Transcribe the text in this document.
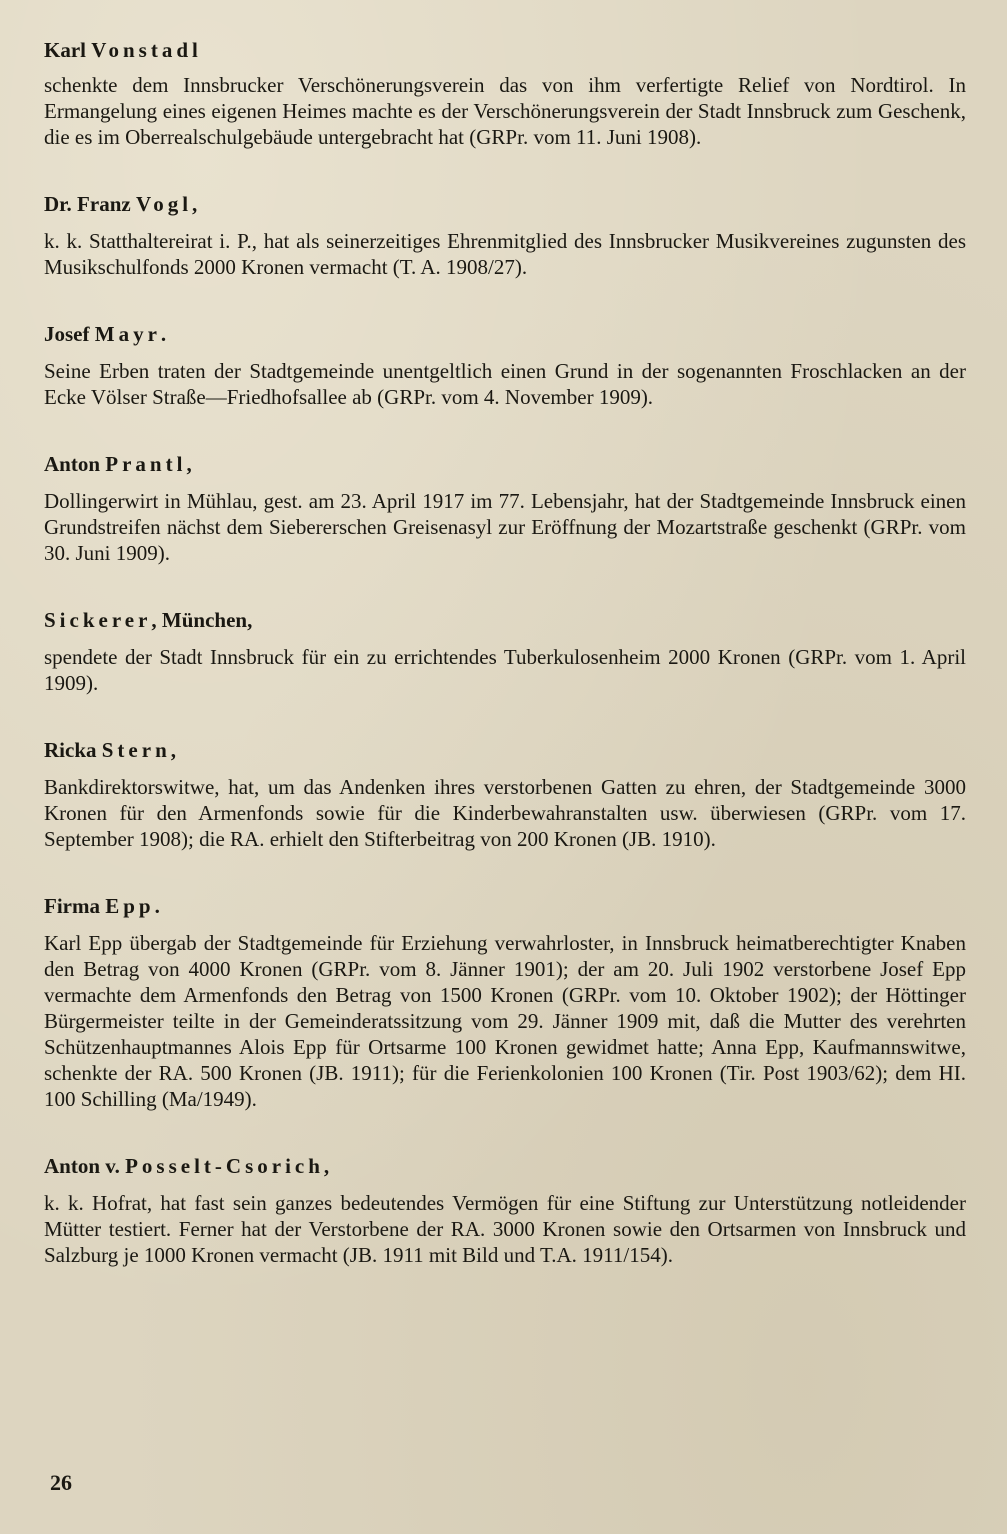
Karl Vonstadl

schenkte dem Innsbrucker Verschönerungsverein das von ihm verfertigte Relief von Nordtirol. In Ermangelung eines eigenen Heimes machte es der Verschönerungsverein der Stadt Innsbruck zum Geschenk, die es im Oberrealschulgebäude untergebracht hat (GRPr. vom 11. Juni 1908).

Dr. Franz Vogl,

k. k. Statthaltereirat i. P., hat als seinerzeitiges Ehrenmitglied des Innsbrucker Musikvereines zugunsten des Musikschulfonds 2000 Kronen vermacht (T. A. 1908/27).

Josef Mayr.

Seine Erben traten der Stadtgemeinde unentgeltlich einen Grund in der sogenannten Froschlacken an der Ecke Völser Straße—Friedhofsallee ab (GRPr. vom 4. November 1909).

Anton Prantl,

Dollingerwirt in Mühlau, gest. am 23. April 1917 im 77. Lebensjahr, hat der Stadtgemeinde Innsbruck einen Grundstreifen nächst dem Siebererschen Greisenasyl zur Eröffnung der Mozartstraße geschenkt (GRPr. vom 30. Juni 1909).

Sickerer, München,

spendete der Stadt Innsbruck für ein zu errichtendes Tuberkulosenheim 2000 Kronen (GRPr. vom 1. April 1909).

Ricka Stern,

Bankdirektorswitwe, hat, um das Andenken ihres verstorbenen Gatten zu ehren, der Stadtgemeinde 3000 Kronen für den Armenfonds sowie für die Kinderbewahranstalten usw. überwiesen (GRPr. vom 17. September 1908); die RA. erhielt den Stifterbeitrag von 200 Kronen (JB. 1910).

Firma Epp.

Karl Epp übergab der Stadtgemeinde für Erziehung verwahrloster, in Innsbruck heimatberechtigter Knaben den Betrag von 4000 Kronen (GRPr. vom 8. Jänner 1901); der am 20. Juli 1902 verstorbene Josef Epp vermachte dem Armenfonds den Betrag von 1500 Kronen (GRPr. vom 10. Oktober 1902); der Höttinger Bürgermeister teilte in der Gemeinderatssitzung vom 29. Jänner 1909 mit, daß die Mutter des verehrten Schützenhauptmannes Alois Epp für Ortsarme 100 Kronen gewidmet hatte; Anna Epp, Kaufmannswitwe, schenkte der RA. 500 Kronen (JB. 1911); für die Ferienkolonien 100 Kronen (Tir. Post 1903/62); dem HI. 100 Schilling (Ma/1949).

Anton v. Posselt-Csorich,

k. k. Hofrat, hat fast sein ganzes bedeutendes Vermögen für eine Stiftung zur Unterstützung notleidender Mütter testiert. Ferner hat der Verstorbene der RA. 3000 Kronen sowie den Ortsarmen von Innsbruck und Salzburg je 1000 Kronen vermacht (JB. 1911 mit Bild und T.A. 1911/154).

26
